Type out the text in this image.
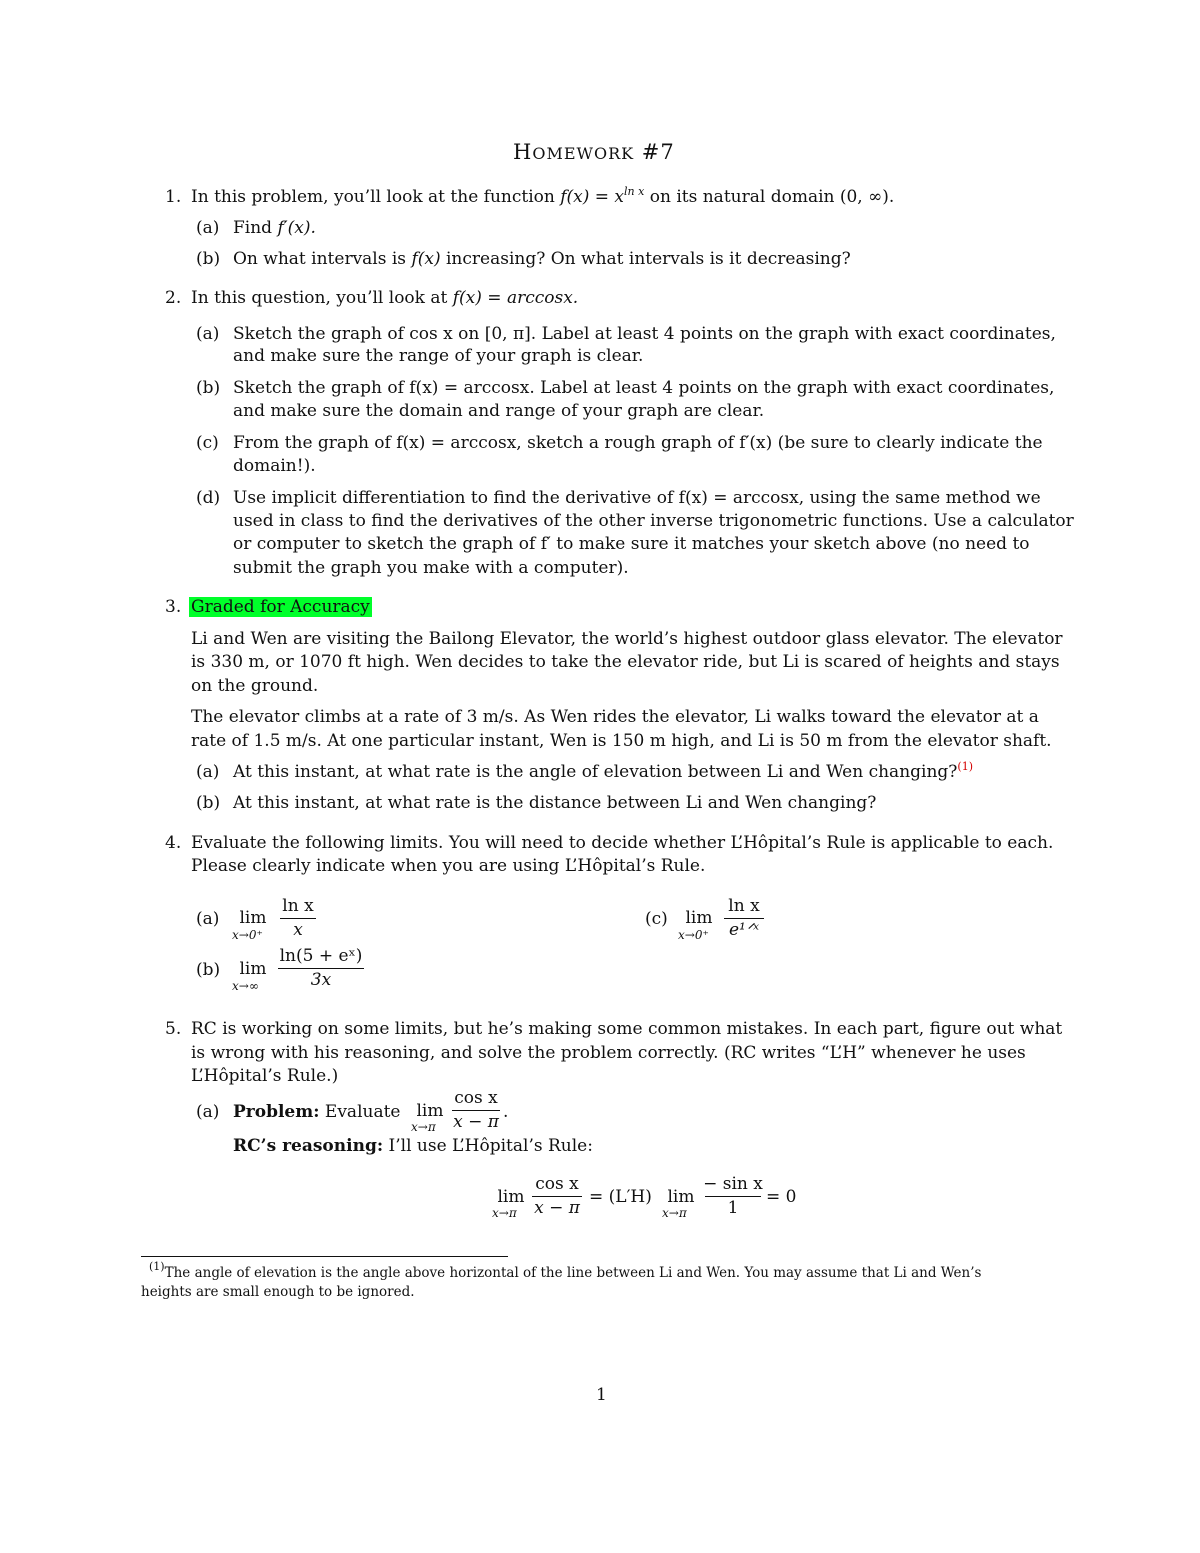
HOMEWORK #7
1. In this problem, you’ll look at the function $f(x) = x^{ln x}$ on its natural domain (0, ∞).
(a) Find f′(x).
(b) On what intervals is f(x) increasing? On what intervals is it decreasing?
2. In this question, you’ll look at f(x) = arccosx.
(a) Sketch the graph of cos x on [0, π]. Label at least 4 points on the graph with exact coordinates,
and make sure the range of your graph is clear.
(b) Sketch the graph of f(x) = arccosx. Label at least 4 points on the graph with exact coordinates,
and make sure the domain and range of your graph are clear.
(c) From the graph of f(x) = arccosx, sketch a rough graph of f′(x) (be sure to clearly indicate the
domain!).
(d) Use implicit differentiation to find the derivative of f(x) = arccosx, using the same method we
used in class to find the derivatives of the other inverse trigonometric functions. Use a calculator
or computer to sketch the graph of f′ to make sure it matches your sketch above (no need to
submit the graph you make with a computer).
3. Graded for Accuracy
Li and Wen are visiting the Bailong Elevator, the world’s highest outdoor glass elevator. The elevator
is 330 m, or 1070 ft high. Wen decides to take the elevator ride, but Li is scared of heights and stays
on the ground.
The elevator climbs at a rate of 3 m/s. As Wen rides the elevator, Li walks toward the elevator at a
rate of 1.5 m/s. At one particular instant, Wen is 150 m high, and Li is 50 m from the elevator shaft.
(a) At this instant, at what rate is the angle of elevation between Li and Wen changing?$^{(1)}$
(b) At this instant, at what rate is the distance between Li and Wen changing?
4. Evaluate the following limits. You will need to decide whether L’Hôpital’s Rule is applicable to each.
Please clearly indicate when you are using L’Hôpital’s Rule.
(a) lim
x→0⁺
ln x
x
(b) lim
x→∞
ln(5 + eˣ)
3x
(c) lim
x→0⁺
ln x
e¹ᐟˣ
5. RC is working on some limits, but he’s making some common mistakes. In each part, figure out what
is wrong with his reasoning, and solve the problem correctly. (RC writes “L’H” whenever he uses
L’Hôpital’s Rule.)
(a) Problem: Evaluate lim
x→π
cos x
x − π .
RC’s reasoning: I’ll use L’Hôpital’s Rule:
lim
x→π
cos x
x − π
= (L′H) lim
x→π
− sin x
1
= 0
$^{(1)}$The angle of elevation is the angle above horizontal of the line between Li and Wen. You may assume that Li and Wen’s
heights are small enough to be ignored.
1
